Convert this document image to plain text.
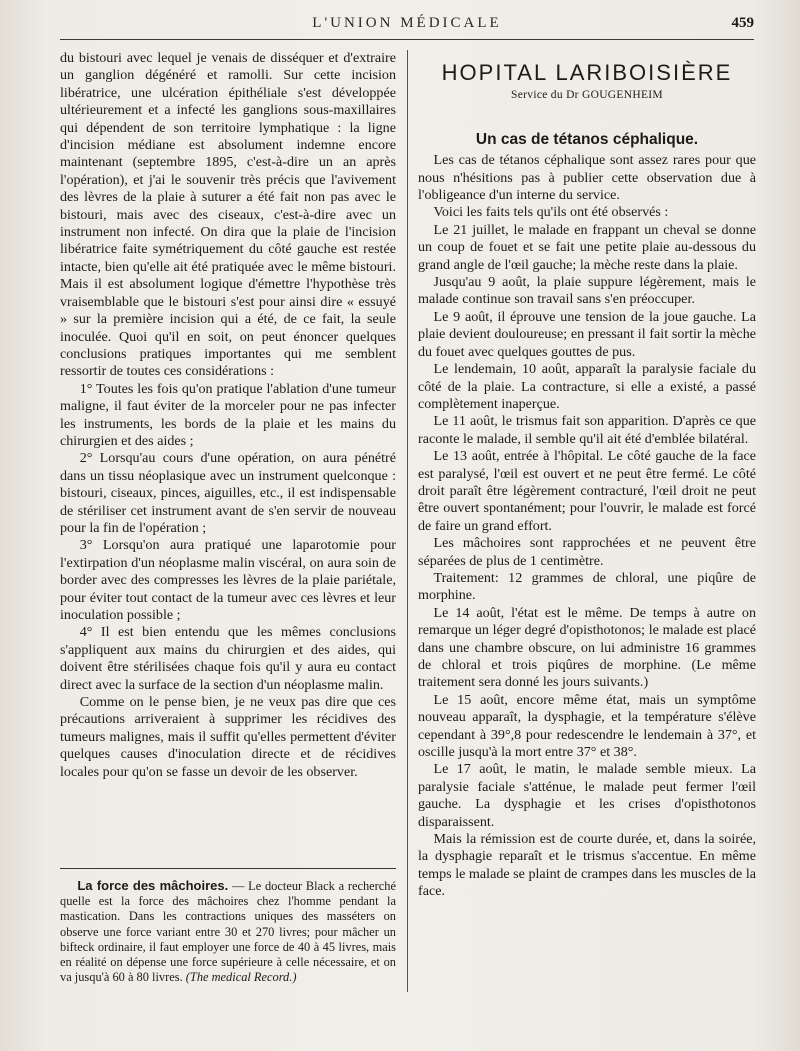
L'UNION MÉDICALE	459

du bistouri avec lequel je venais de disséquer et d'extraire un ganglion dégénéré et ramolli. Sur cette incision libératrice, une ulcération épithéliale s'est développée ultérieurement et a infecté les ganglions sous-maxillaires qui dépendent de son territoire lymphatique : la ligne d'incision médiane est absolument indemne encore maintenant (septembre 1895, c'est-à-dire un an après l'opération), et j'ai le souvenir très précis que l'avivement des lèvres de la plaie à suturer a été fait non pas avec le bistouri, mais avec des ciseaux, c'est-à-dire avec un instrument non infecté. On dira que la plaie de l'incision libératrice faite symétriquement du côté gauche est restée intacte, bien qu'elle ait été pratiquée avec le même bistouri. Mais il est absolument logique d'émettre l'hypothèse très vraisemblable que le bistouri s'est pour ainsi dire « essuyé » sur la première incision qui a été, de ce fait, la seule inoculée. Quoi qu'il en soit, on peut énoncer quelques conclusions pratiques importantes qui me semblent ressortir de toutes ces considérations :

1° Toutes les fois qu'on pratique l'ablation d'une tumeur maligne, il faut éviter de la morceler pour ne pas infecter les instruments, les bords de la plaie et les mains du chirurgien et des aides ;

2° Lorsqu'au cours d'une opération, on aura pénétré dans un tissu néoplasique avec un instrument quelconque : bistouri, ciseaux, pinces, aiguilles, etc., il est indispensable de stériliser cet instrument avant de s'en servir de nouveau pour la fin de l'opération ;

3° Lorsqu'on aura pratiqué une laparotomie pour l'extirpation d'un néoplasme malin viscéral, on aura soin de border avec des compresses les lèvres de la plaie pariétale, pour éviter tout contact de la tumeur avec ces lèvres et leur inoculation possible ;

4° Il est bien entendu que les mêmes conclusions s'appliquent aux mains du chirurgien et des aides, qui doivent être stérilisées chaque fois qu'il y aura eu contact direct avec la surface de la section d'un néoplasme malin.

Comme on le pense bien, je ne veux pas dire que ces précautions arriveraient à supprimer les récidives des tumeurs malignes, mais il suffit qu'elles permettent d'éviter quelques causes d'inoculation directe et de récidives locales pour qu'on se fasse un devoir de les observer.

La force des mâchoires. — Le docteur Black a recherché quelle est la force des mâchoires chez l'homme pendant la mastication. Dans les contractions uniques des masséters on observe une force variant entre 30 et 270 livres; pour mâcher un bifteck ordinaire, il faut employer une force de 40 à 45 livres, mais en réalité on dépense une force supérieure à celle nécessaire, et on va jusqu'à 60 à 80 livres. (The medical Record.)

HOPITAL LARIBOISIÈRE
Service du Dr GOUGENHEIM
Un cas de tétanos céphalique.

Les cas de tétanos céphalique sont assez rares pour que nous n'hésitions pas à publier cette observation due à l'obligeance d'un interne du service.

Voici les faits tels qu'ils ont été observés :

Le 21 juillet, le malade en frappant un cheval se donne un coup de fouet et se fait une petite plaie au-dessous du grand angle de l'œil gauche; la mèche reste dans la plaie.

Jusqu'au 9 août, la plaie suppure légèrement, mais le malade continue son travail sans s'en préoccuper.

Le 9 août, il éprouve une tension de la joue gauche. La plaie devient douloureuse; en pressant il fait sortir la mèche du fouet avec quelques gouttes de pus.

Le lendemain, 10 août, apparaît la paralysie faciale du côté de la plaie. La contracture, si elle a existé, a passé complètement inaperçue.

Le 11 août, le trismus fait son apparition. D'après ce que raconte le malade, il semble qu'il ait été d'emblée bilatéral.

Le 13 août, entrée à l'hôpital. Le côté gauche de la face est paralysé, l'œil est ouvert et ne peut être fermé. Le côté droit paraît être légèrement contracturé, l'œil droit ne peut être ouvert spontanément; pour l'ouvrir, le malade est forcé de faire un grand effort.

Les mâchoires sont rapprochées et ne peuvent être séparées de plus de 1 centimètre.

Traitement: 12 grammes de chloral, une piqûre de morphine.

Le 14 août, l'état est le même. De temps à autre on remarque un léger degré d'opisthotonos; le malade est placé dans une chambre obscure, on lui administre 16 grammes de chloral et trois piqûres de morphine. (Le même traitement sera donné les jours suivants.)

Le 15 août, encore même état, mais un symptôme nouveau apparaît, la dysphagie, et la température s'élève cependant à 39°,8 pour redescendre le lendemain à 37°, et oscille jusqu'à la mort entre 37° et 38°.

Le 17 août, le matin, le malade semble mieux. La paralysie faciale s'atténue, le malade peut fermer l'œil gauche. La dysphagie et les crises d'opisthotonos disparaissent.

Mais la rémission est de courte durée, et, dans la soirée, la dysphagie reparaît et le trismus s'accentue. En même temps le malade se plaint de crampes dans les muscles de la face.
